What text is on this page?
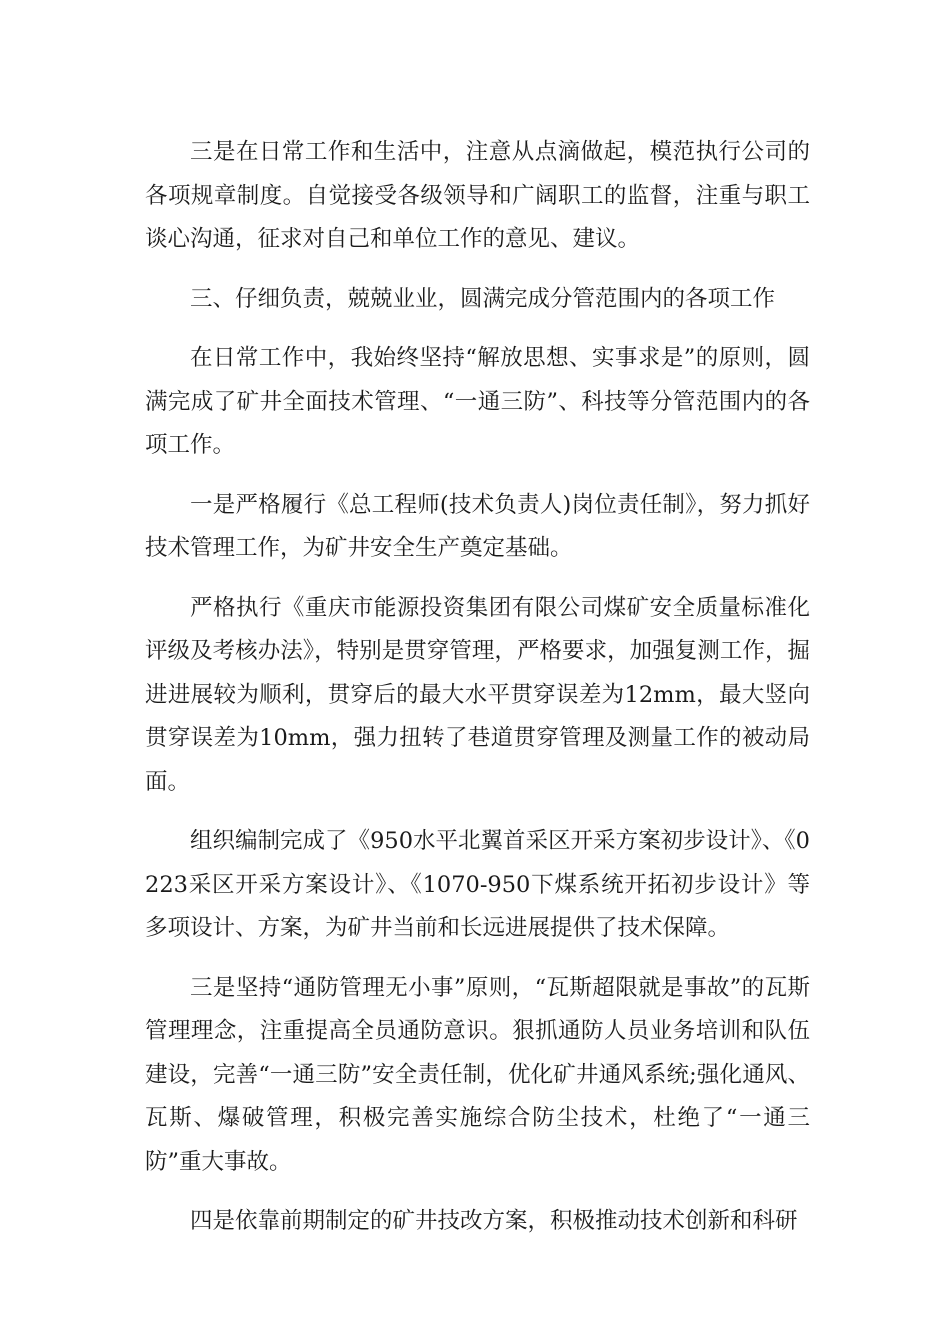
三是在日常工作和生活中，注意从点滴做起，模范执行公司的各项规章制度。自觉接受各级领导和广阔职工的监督，注重与职工谈心沟通，征求对自己和单位工作的意见、建议。

三、仔细负责，兢兢业业，圆满完成分管范围内的各项工作

在日常工作中，我始终坚持“解放思想、实事求是”的原则，圆满完成了矿井全面技术管理、“一通三防”、科技等分管范围内的各项工作。

一是严格履行《总工程师(技术负责人)岗位责任制》，努力抓好技术管理工作，为矿井安全生产奠定基础。

严格执行《重庆市能源投资集团有限公司煤矿安全质量标准化评级及考核办法》，特别是贯穿管理，严格要求，加强复测工作，掘进进展较为顺利，贯穿后的最大水平贯穿误差为12mm，最大竖向贯穿误差为10mm，强力扭转了巷道贯穿管理及测量工作的被动局面。

组织编制完成了《950水平北翼首采区开采方案初步设计》、《0223采区开采方案设计》、《1070-950下煤系统开拓初步设计》等多项设计、方案，为矿井当前和长远进展提供了技术保障。

三是坚持“通防管理无小事”原则，“瓦斯超限就是事故”的瓦斯管理理念，注重提高全员通防意识。狠抓通防人员业务培训和队伍建设，完善“一通三防”安全责任制，优化矿井通风系统;强化通风、瓦斯、爆破管理，积极完善实施综合防尘技术，杜绝了“一通三防”重大事故。

四是依靠前期制定的矿井技改方案，积极推动技术创新和科研
